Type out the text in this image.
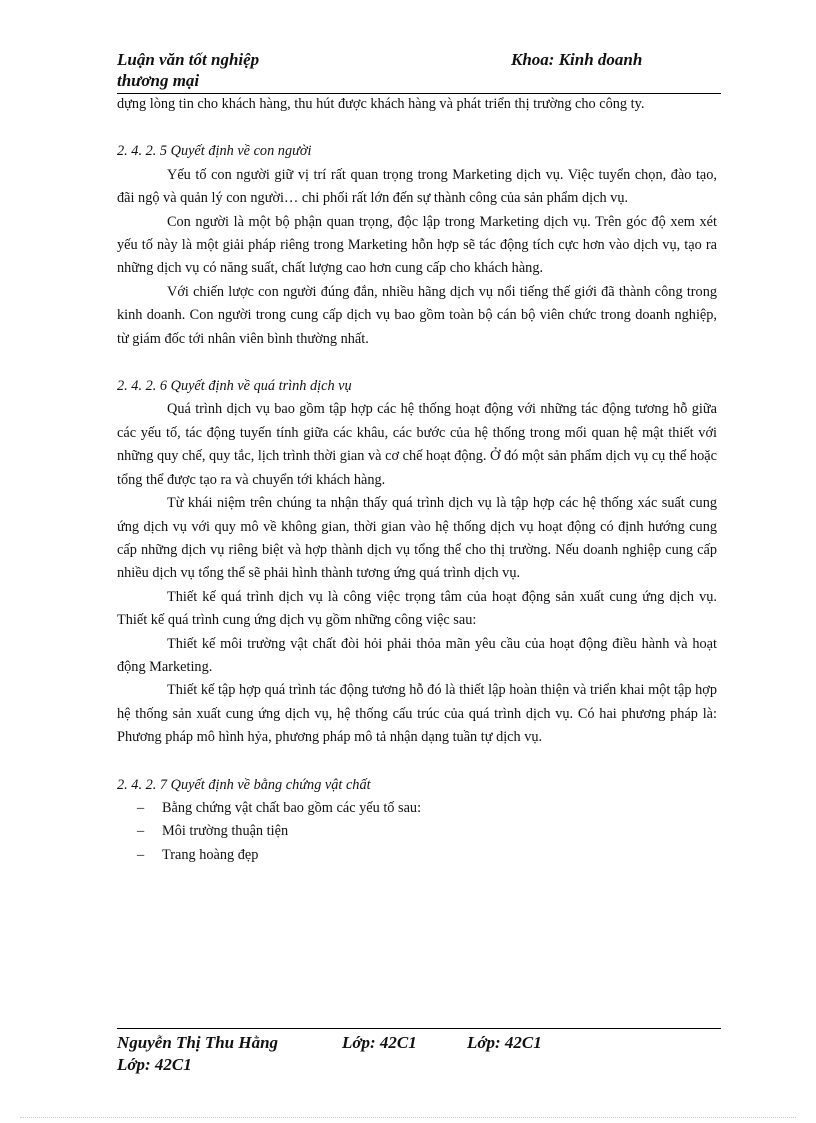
Luận văn tốt nghiệp	Khoa: Kinh doanh
thương mại

dựng lòng tin cho khách hàng, thu hút được khách hàng và phát triển thị trường cho công ty.

2. 4. 2. 5 Quyết định về con người

Yếu tố con người giữ vị trí rất quan trọng trong Marketing dịch vụ. Việc tuyển chọn, đào tạo, đãi ngộ và quản lý con người… chi phối rất lớn đến sự thành công của sản phẩm dịch vụ.

Con người là một bộ phận quan trọng, độc lập trong Marketing dịch vụ. Trên góc độ xem xét yếu tố này là một giải pháp riêng trong Marketing hỗn hợp sẽ tác động tích cực hơn vào dịch vụ, tạo ra những dịch vụ có năng suất, chất lượng cao hơn cung cấp cho khách hàng.

Với chiến lược con người đúng đắn, nhiều hãng dịch vụ nổi tiếng thế giới đã thành công trong kinh doanh. Con người trong cung cấp dịch vụ bao gồm toàn bộ cán bộ viên chức trong doanh nghiệp, từ giám đốc tới nhân viên bình thường nhất.

2. 4. 2. 6 Quyết định về quá trình dịch vụ

Quá trình dịch vụ bao gồm tập hợp các hệ thống hoạt động với những tác động tương hỗ giữa các yếu tố, tác động tuyến tính giữa các khâu, các bước của hệ thống trong mối quan hệ mật thiết với những quy chế, quy tắc, lịch trình thời gian và cơ chế hoạt động. Ở đó một sản phẩm dịch vụ cụ thể hoặc tổng thể được tạo ra và chuyển tới khách hàng.

Từ khái niệm trên chúng ta nhận thấy quá trình dịch vụ là tập hợp các hệ thống xác suất cung ứng dịch vụ với quy mô về không gian, thời gian vào hệ thống dịch vụ hoạt động có định hướng cung cấp những dịch vụ riêng biệt và hợp thành dịch vụ tổng thể cho thị trường. Nếu doanh nghiệp cung cấp nhiều dịch vụ tổng thể sẽ phải hình thành tương ứng quá trình dịch vụ.

Thiết kế quá trình dịch vụ là công việc trọng tâm của hoạt động sản xuất cung ứng dịch vụ. Thiết kế quá trình cung ứng dịch vụ gồm những công việc sau:

Thiết kế môi trường vật chất đòi hỏi phải thỏa mãn yêu cầu của hoạt động điều hành và hoạt động Marketing.

Thiết kế tập hợp quá trình tác động tương hỗ đó là thiết lập hoàn thiện và triển khai một tập hợp hệ thống sản xuất cung ứng dịch vụ, hệ thống cấu trúc của quá trình dịch vụ. Có hai phương pháp là: Phương pháp mô hình hỷa, phương pháp mô tả nhận dạng tuần tự dịch vụ.

2. 4. 2. 7 Quyết định về bằng chứng vật chất
– Bằng chứng vật chất bao gồm các yếu tố sau:
– Môi trường thuận tiện
– Trang hoàng đẹp
Nguyễn Thị Thu Hằng	Lớp: 42C1	Lớp: 42C1
Lớp: 42C1
